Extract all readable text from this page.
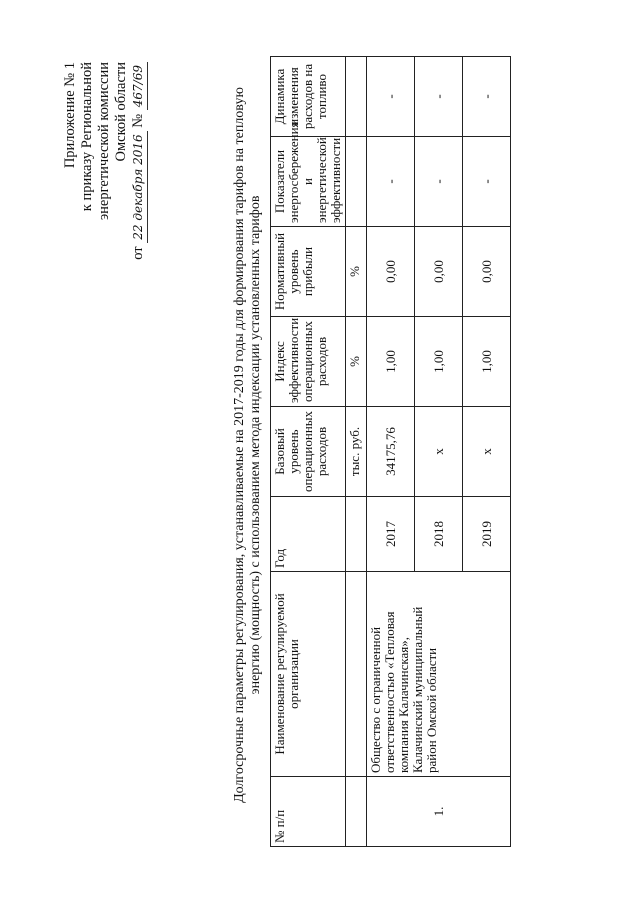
Приложение № 1 к приказу Региональной энергетической комиссии Омской области
от 22 декабря 2016 № 467/69
Долгосрочные параметры регулирования, устанавливаемые на 2017-2019 годы для формирования тарифов на тепловую энергию (мощность) с использованием метода индексации установленных тарифов
№ п/п	Наименование регулируемой организации	Год	Базовый уровень операционных расходов	Индекс эффективности операционных расходов	Нормативный уровень прибыли	Показатели энергосбережения и энергетической эффективности	Динамика изменения расходов на топливо
			тыс. руб.	%	%		
1.	Общество с ограниченной ответственностью «Тепловая компания Калачинская», Калачинский муниципальный район Омской области	2017	34175,76	1,00	0,00	-	-
		2018	х	1,00	0,00	-	-
		2019	х	1,00	0,00	-	-
